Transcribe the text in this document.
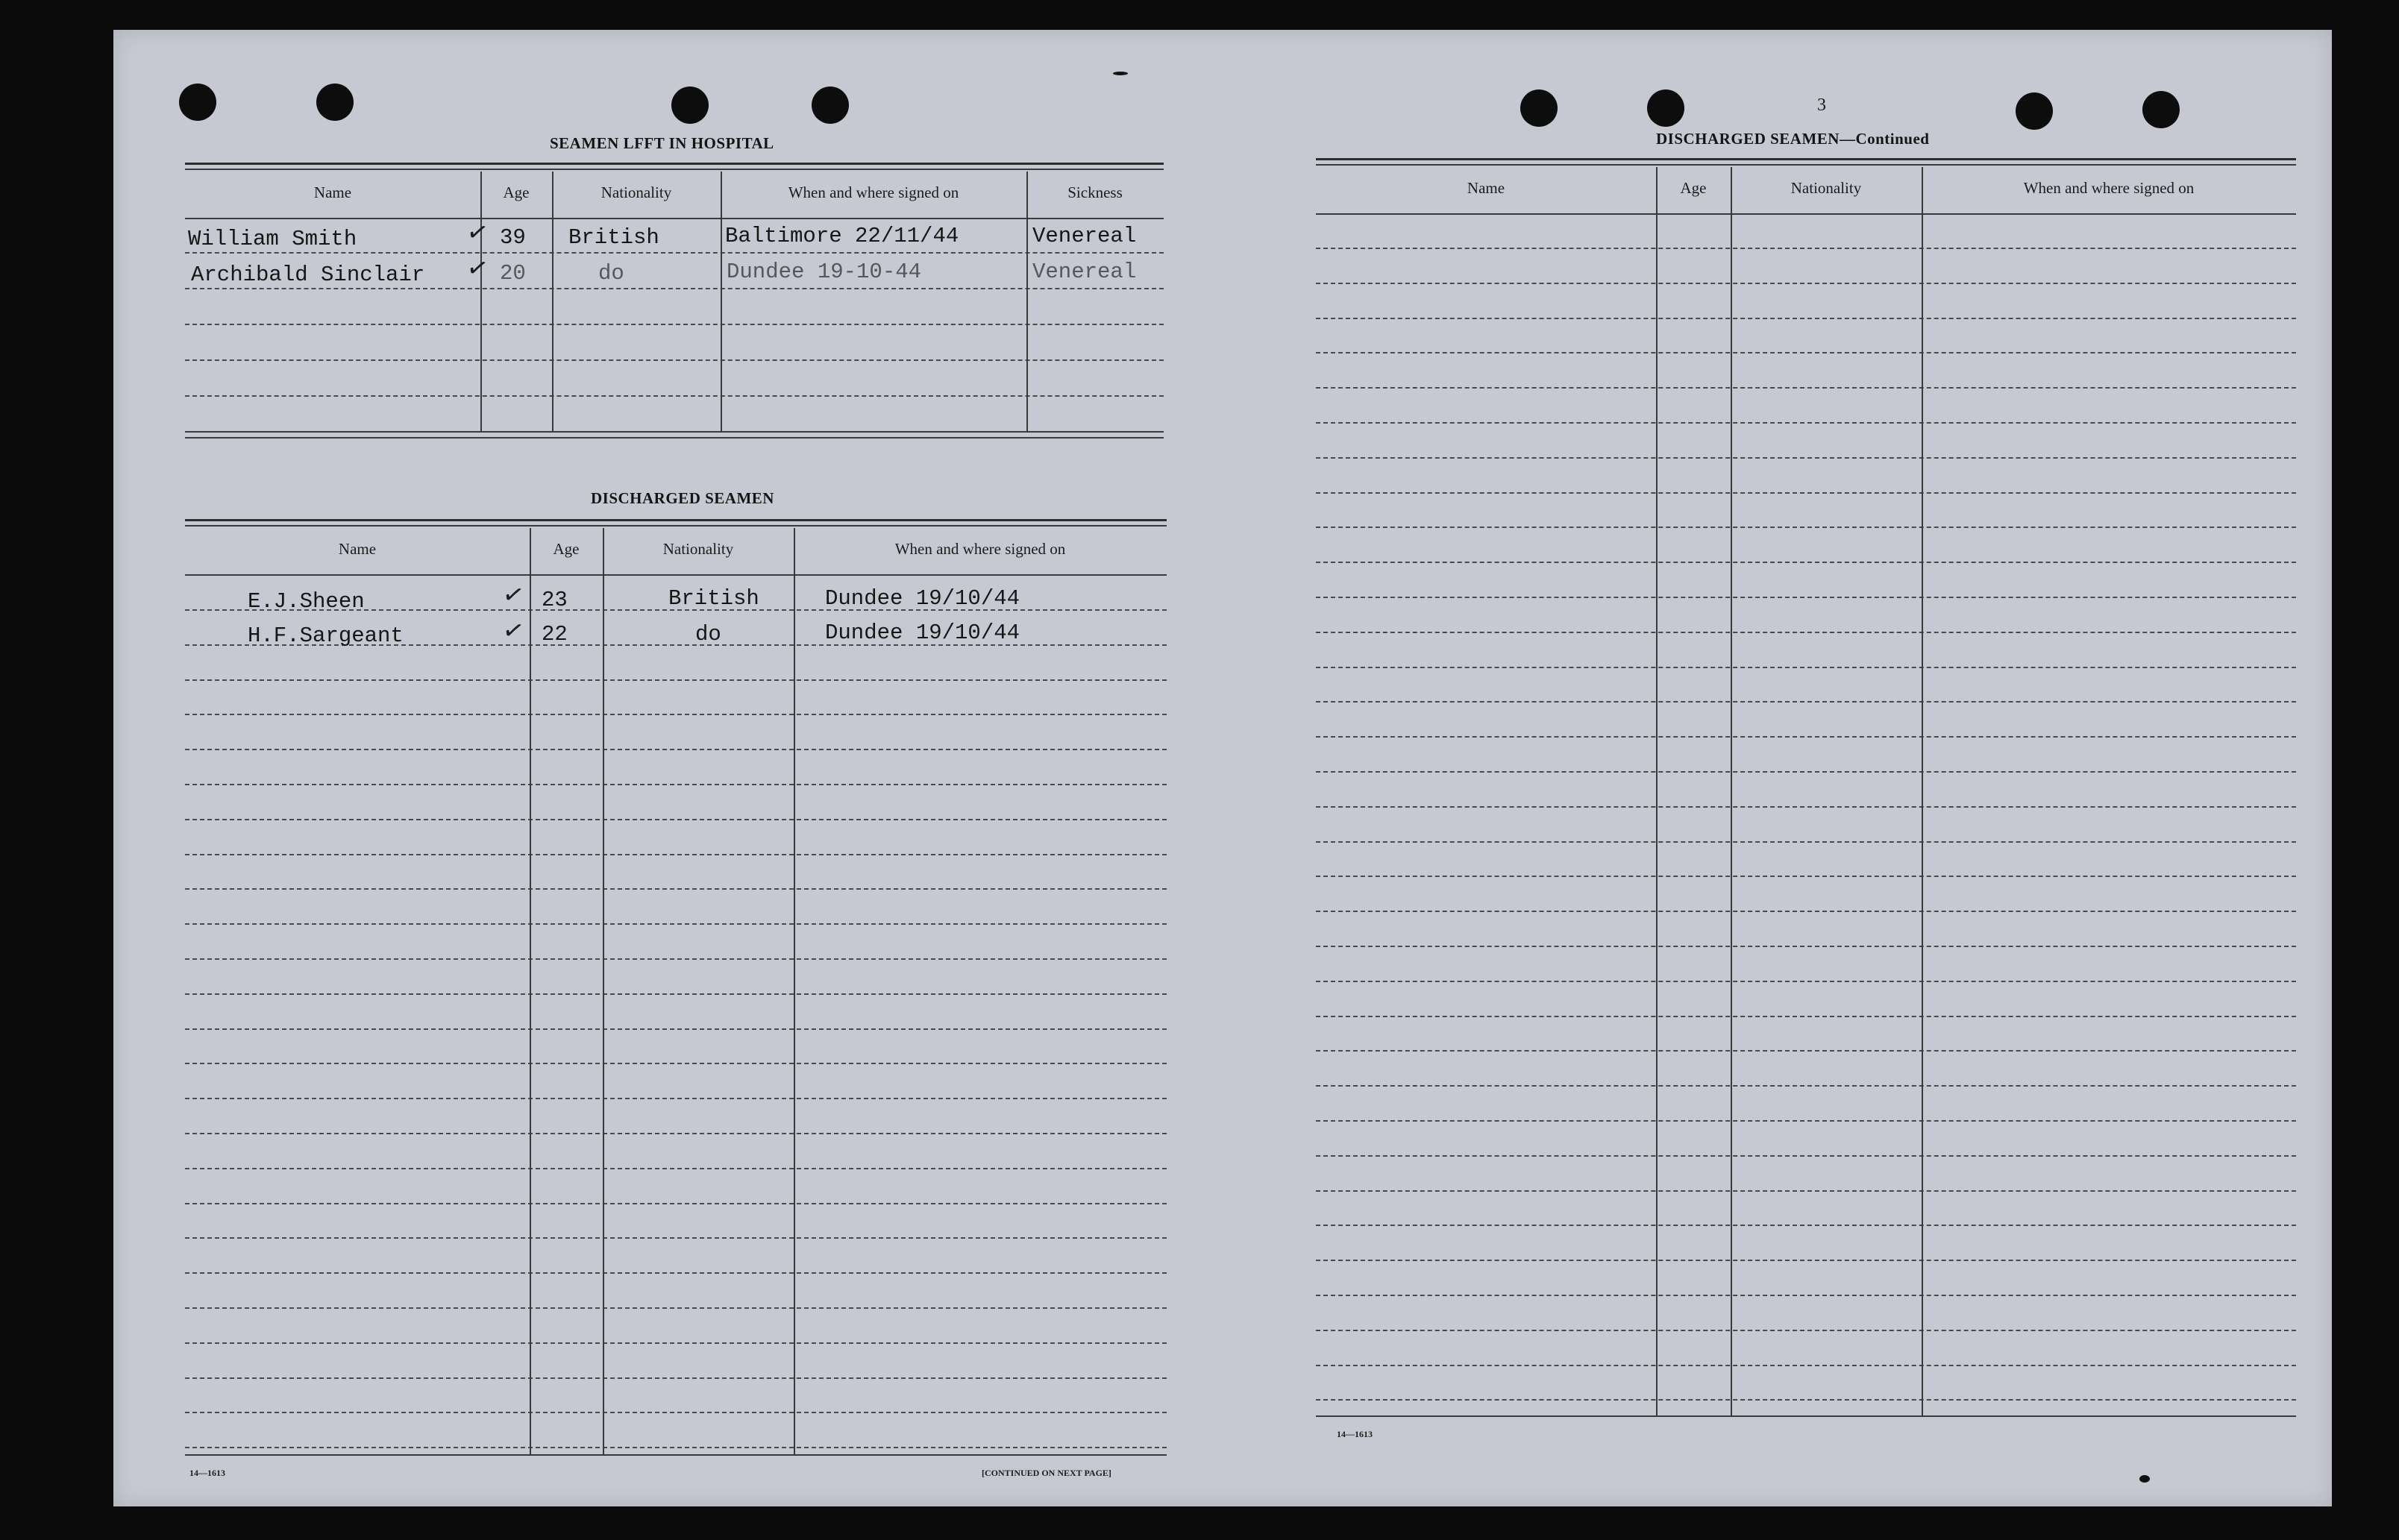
SEAMEN LFFT IN HOSPITAL
Name	Age	Nationality	When and where signed on	Sickness
William Smith	✓ 39 British	Baltimore 22/11/44	Venereal
Archibald Sinclair ✓ 20	do	Dundee 19-10-44	Venereal
DISCHARGED SEAMEN
Name	Age	Nationality	When and where signed on
E.J.Sheen	✓ 23	British	Dundee 19/10/44
H.F.Sargeant	✓ 22	do	Dundee 19/10/44
14—1613	[CONTINUED ON NEXT PAGE]
3
DISCHARGED SEAMEN—Continued
Name	Age	Nationality	When and where signed on
14—1613
